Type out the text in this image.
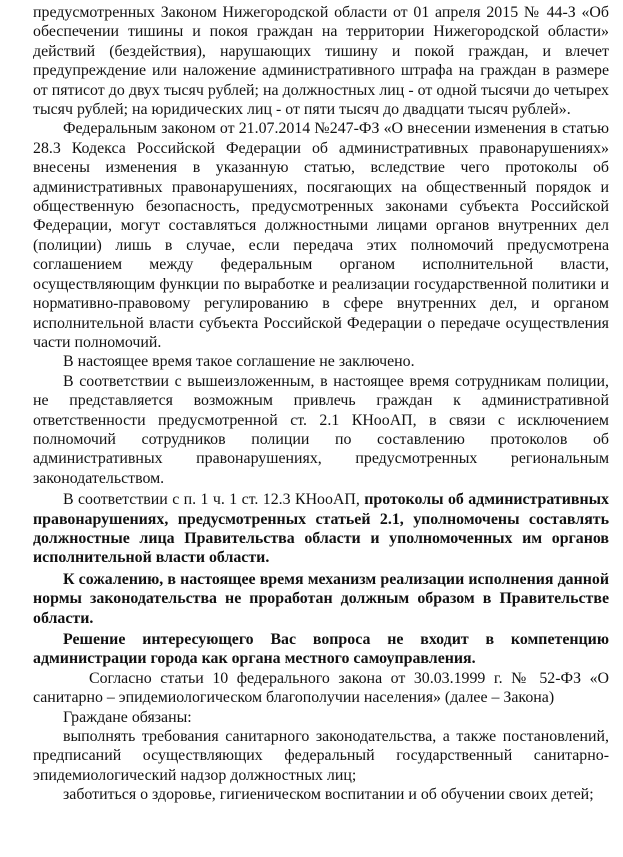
предусмотренных Законом Нижегородской области от 01 апреля 2015 № 44-З «Об обеспечении тишины и покоя граждан на территории Нижегородской области» действий (бездействия), нарушающих тишину и покой граждан, и влечет предупреждение или наложение административного штрафа на граждан в размере от пятисот до двух тысяч рублей; на должностных лиц - от одной тысячи до четырех тысяч рублей; на юридических лиц - от пяти тысяч до двадцати тысяч рублей».

Федеральным законом от 21.07.2014 №247-ФЗ «О внесении изменения в статью 28.3 Кодекса Российской Федерации об административных правонарушениях» внесены изменения в указанную статью, вследствие чего протоколы об административных правонарушениях, посягающих на общественный порядок и общественную безопасность, предусмотренных законами субъекта Российской Федерации, могут составляться должностными лицами органов внутренних дел (полиции) лишь в случае, если передача этих полномочий предусмотрена соглашением между федеральным органом исполнительной власти, осуществляющим функции по выработке и реализации государственной политики и нормативно-правовому регулированию в сфере внутренних дел, и органом исполнительной власти субъекта Российской Федерации о передаче осуществления части полномочий.

В настоящее время такое соглашение не заключено.

В соответствии с вышеизложенным, в настоящее время сотрудникам полиции, не представляется возможным привлечь граждан к административной ответственности предусмотренной ст. 2.1 КНооАП, в связи с исключением полномочий сотрудников полиции по составлению протоколов об административных правонарушениях, предусмотренных региональным законодательством.

В соответствии с п. 1 ч. 1 ст. 12.3 КНооАП, протоколы об административных правонарушениях, предусмотренных статьей 2.1, уполномочены составлять должностные лица Правительства области и уполномоченных им органов исполнительной власти области.

К сожалению, в настоящее время механизм реализации исполнения данной нормы законодательства не проработан должным образом в Правительстве области.

Решение интересующего Вас вопроса не входит в компетенцию администрации города как органа местного самоуправления.

Согласно статьи 10 федерального закона от 30.03.1999 г. № 52-ФЗ «О санитарно – эпидемиологическом благополучии населения» (далее – Закона)

Граждане обязаны:

выполнять требования санитарного законодательства, а также постановлений, предписаний осуществляющих федеральный государственный санитарно-эпидемиологический надзор должностных лиц;

заботиться о здоровье, гигиеническом воспитании и об обучении своих детей;
